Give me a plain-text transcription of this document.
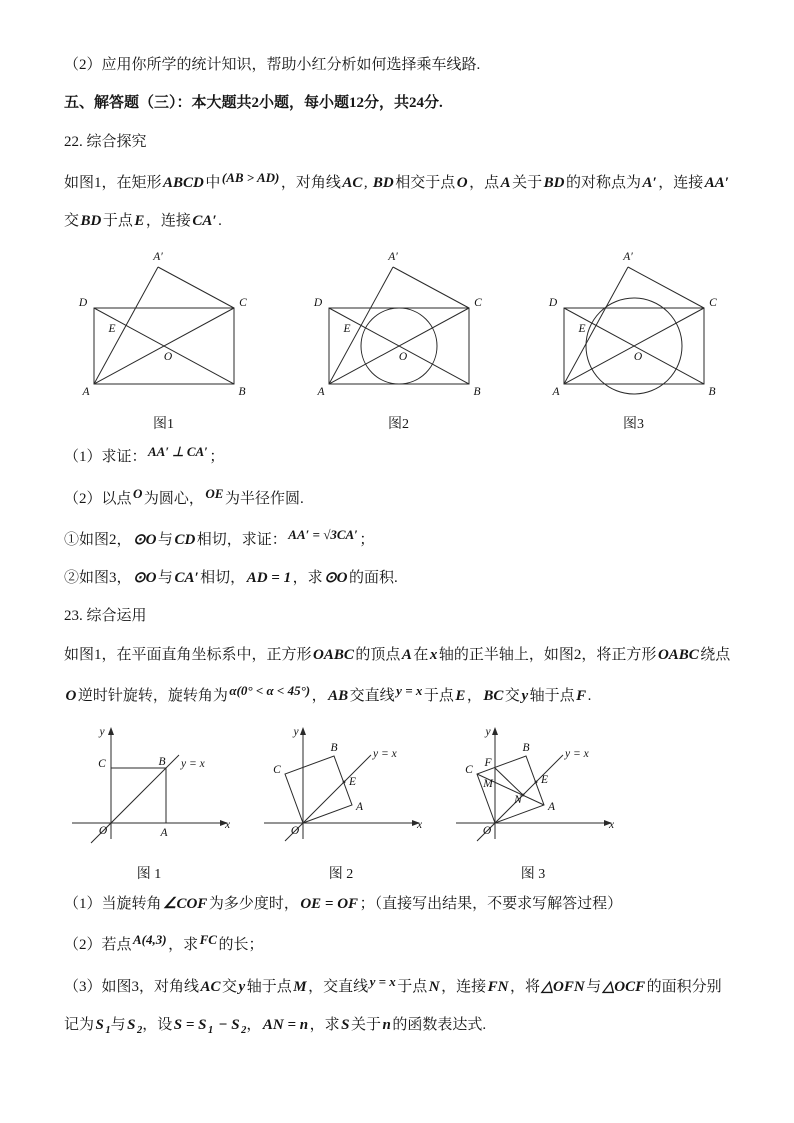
（2）应用你所学的统计知识，帮助小红分析如何选择乘车线路.

五、解答题（三）：本大题共2小题，每小题12分，共24分.

22. 综合探究

如图1，在矩形 ABCD 中 (AB > AD) ，对角线 AC , BD 相交于点 O ，点 A 关于 BD 的对称点为 A′ ，连接 AA′交 BD 于点 E ，连接 CA′ .

A′
D	C
A	B
E
O
图1
A′
D	C
A	B
E
O
图2
A′
D	C
A	B
E
O
图3

（1）求证： AA′ ⊥ CA′ ；

（2）以点 O 为圆心， OE 为半径作圆.

①如图2， ⊙O 与 CD 相切，求证： AA′ = √3CA′ ；

②如图3， ⊙O 与 CA′ 相切， AD = 1 ，求 ⊙O 的面积.

23. 综合运用

如图1，在平面直角坐标系中，正方形 OABC 的顶点 A 在 x 轴的正半轴上，如图2，将正方形 OABC 绕点O 逆时针旋转，旋转角为 α(0° < α < 45°) ， AB 交直线 y = x 于点 E ， BC 交 y 轴于点 F .

y
x
C	B y = x
A
O
图 1
y
x
B
C
y = x
E
A
O
图 2
y
x
B
C
F
M
N
y = x
E
A
O
图 3

（1）当旋转角 ∠COF 为多少度时， OE = OF ；（直接写出结果，不要求写解答过程）

（2）若点 A(4,3) ，求 FC 的长；

（3）如图3，对角线 AC 交 y 轴于点 M ，交直线 y = x 于点 N ，连接 FN ，将 △OFN 与 △OCF 的面积分别记为 S $_1$与 S $_2$，设 S = S $_1$ − S $_2$， AN = n ，求 S 关于 n 的函数表达式.
